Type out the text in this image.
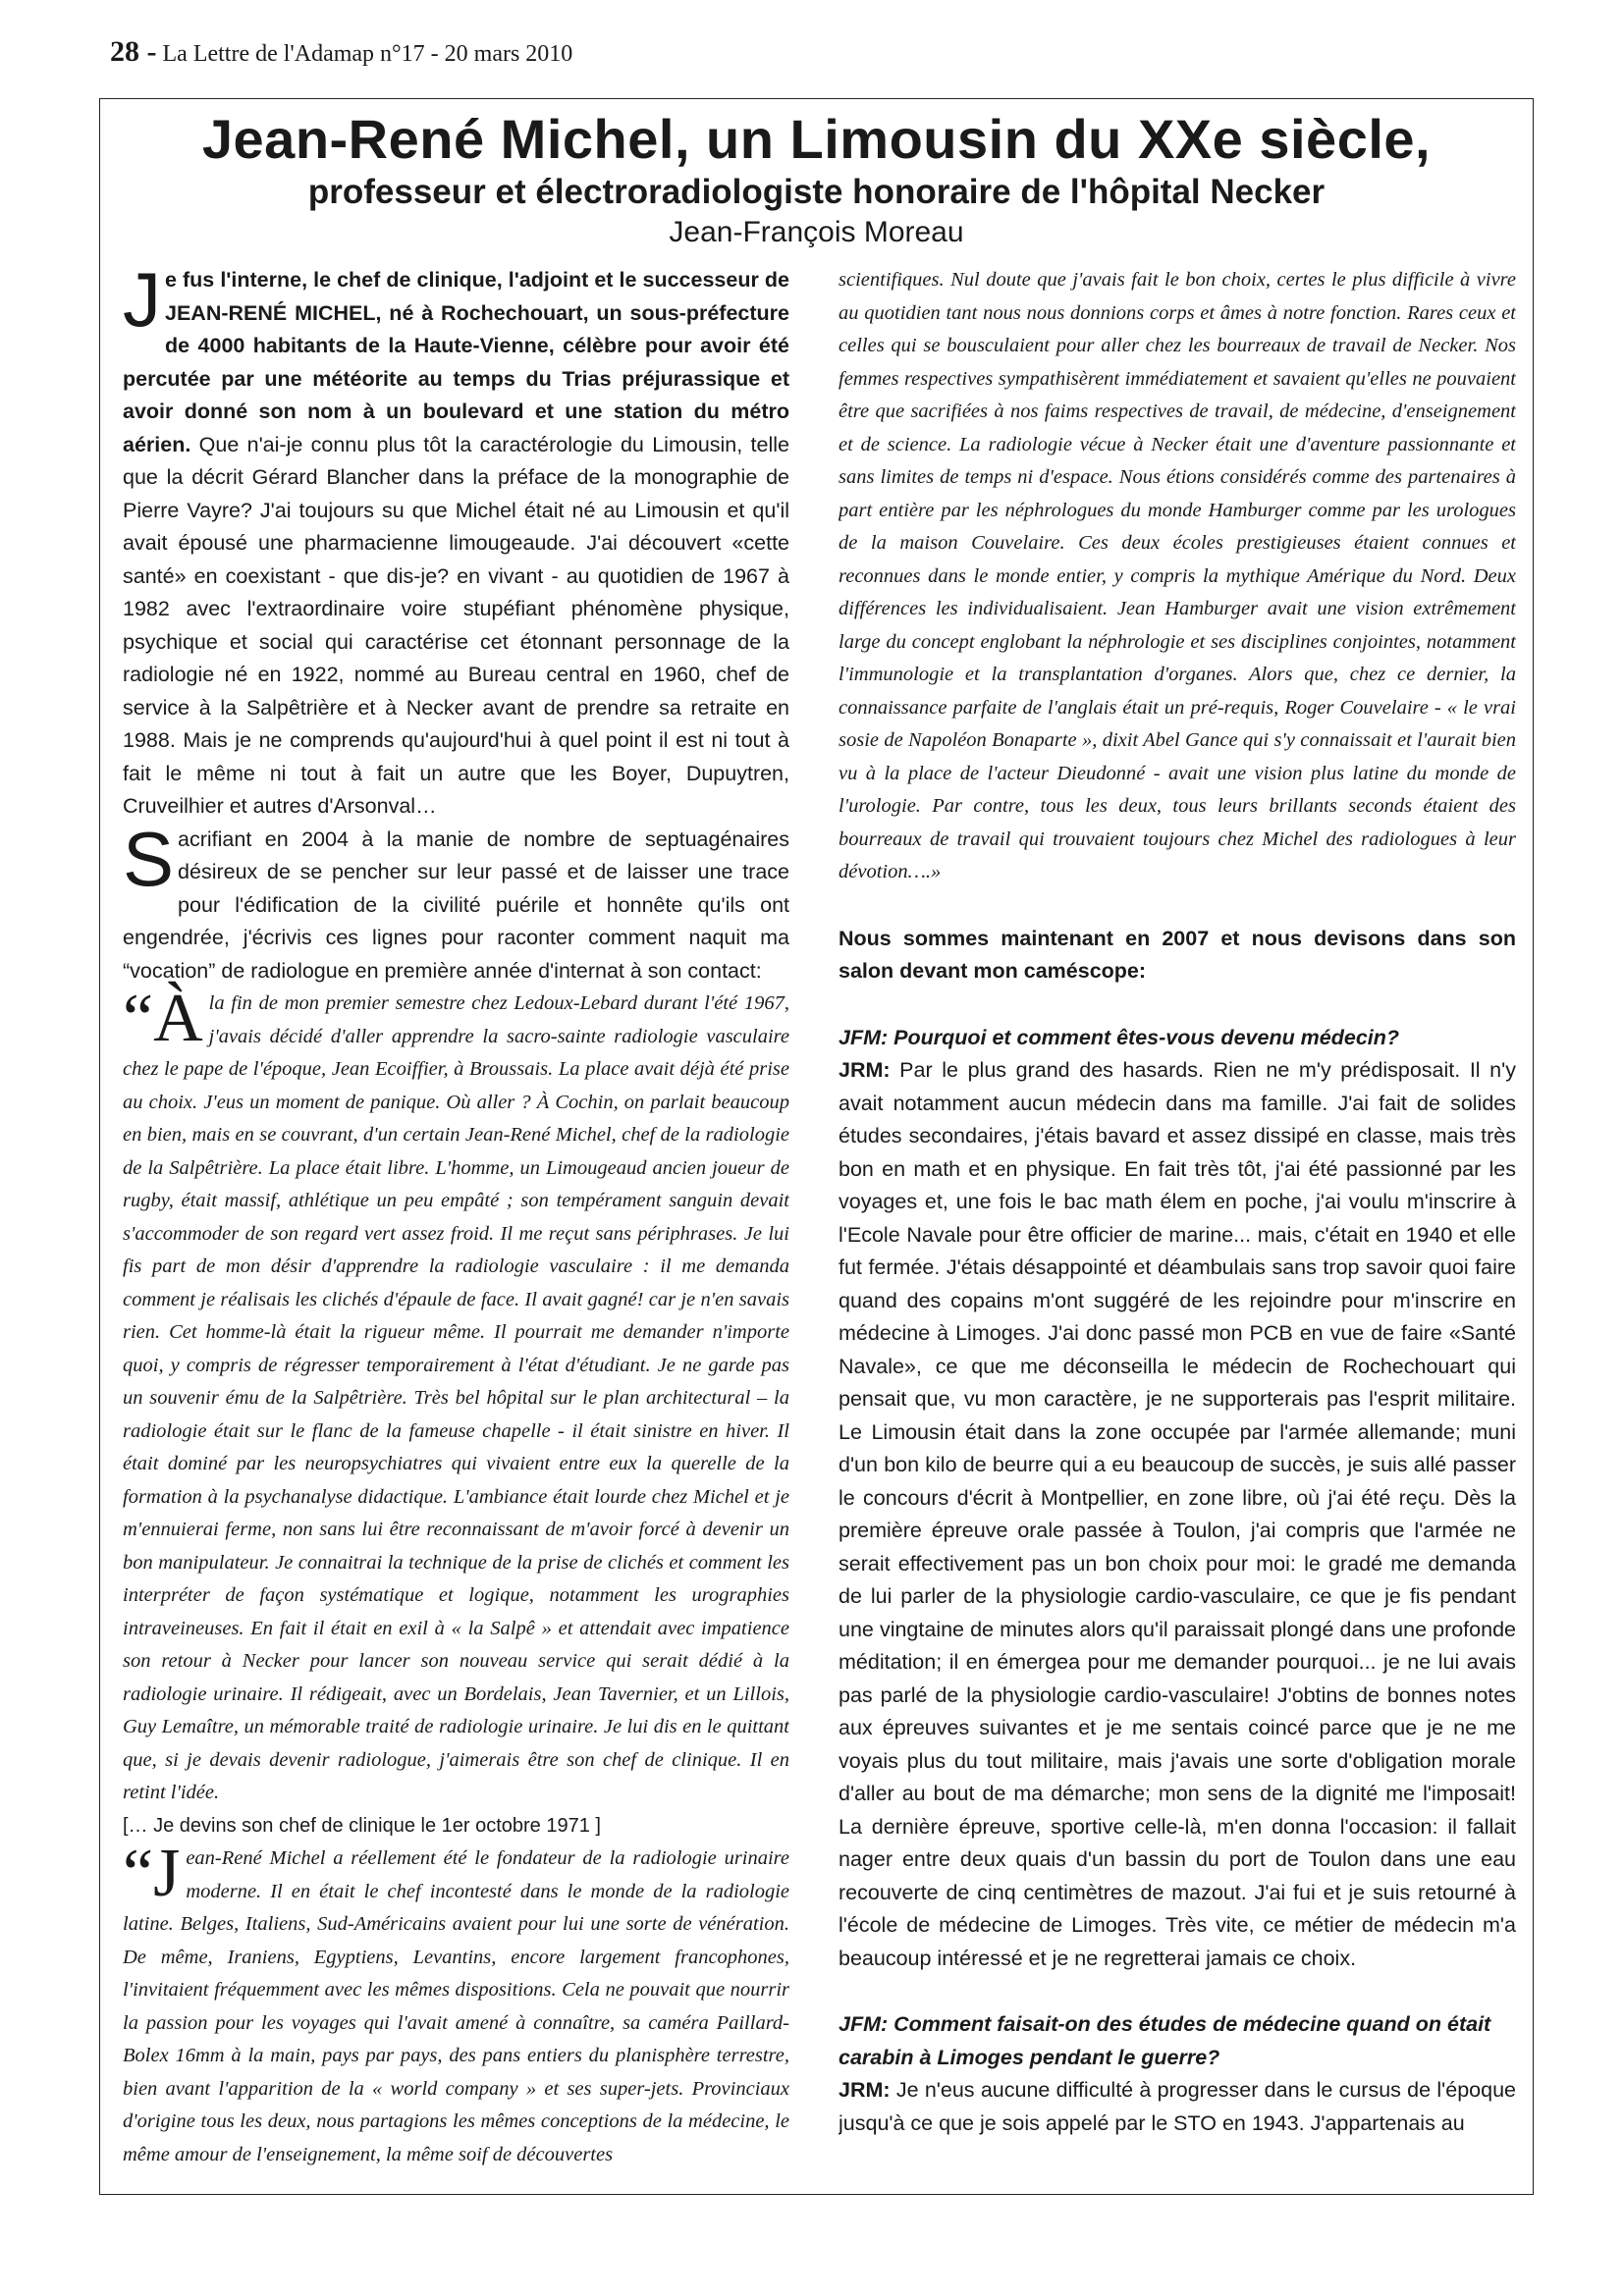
28 - La Lettre de l'Adamap n°17 - 20 mars 2010
Jean-René Michel, un Limousin du XXe siècle,
professeur et électroradiologiste honoraire de l'hôpital Necker
Jean-François Moreau

Je fus l'interne, le chef de clinique, l'adjoint et le successeur de JEAN-RENÉ MICHEL, né à Rochechouart, un sous-préfecture de 4000 habitants de la Haute-Vienne, célèbre pour avoir été percutée par une météorite au temps du Trias préjurassique et avoir donné son nom à un boulevard et une station du métro aérien. Que n'ai-je connu plus tôt la caractérologie du Limousin, telle que la décrit Gérard Blancher dans la préface de la monographie de Pierre Vayre? J'ai toujours su que Michel était né au Limousin et qu'il avait épousé une pharmacienne limougeaude. J'ai découvert «cette santé» en coexistant - que dis-je? en vivant - au quotidien de 1967 à 1982 avec l'extraordinaire voire stupéfiant phénomène physique, psychique et social qui caractérise cet étonnant personnage de la radiologie né en 1922, nommé au Bureau central en 1960, chef de service à la Salpêtrière et à Necker avant de prendre sa retraite en 1988. Mais je ne comprends qu'aujourd'hui à quel point il est ni tout à fait le même ni tout à fait un autre que les Boyer, Dupuytren, Cruveilhier et autres d'Arsonval…

Sacrifiant en 2004 à la manie de nombre de septuagénaires désireux de se pencher sur leur passé et de laisser une trace pour l'édification de la civilité puérile et honnête qu'ils ont engendrée, j'écrivis ces lignes pour raconter comment naquit ma “vocation” de radiologue en première année d'internat à son contact:

“Àla fin de mon premier semestre chez Ledoux-Lebard durant l'été 1967, j'avais décidé d'aller apprendre la sacro-sainte radiologie vasculaire chez le pape de l'époque, Jean Ecoiffier, à Broussais. La place avait déjà été prise au choix. J'eus un moment de panique. Où aller ? À Cochin, on parlait beaucoup en bien, mais en se couvrant, d'un certain Jean-René Michel, chef de la radiologie de la Salpêtrière. La place était libre. L'homme, un Limougeaud ancien joueur de rugby, était massif, athlétique un peu empâté ; son tempérament sanguin devait s'accommoder de son regard vert assez froid. Il me reçut sans périphrases. Je lui fis part de mon désir d'apprendre la radiologie vasculaire : il me demanda comment je réalisais les clichés d'épaule de face. Il avait gagné! car je n'en savais rien. Cet homme-là était la rigueur même. Il pourrait me demander n'importe quoi, y compris de régresser temporairement à l'état d'étudiant. Je ne garde pas un souvenir ému de la Salpêtrière. Très bel hôpital sur le plan architectural – la radiologie était sur le flanc de la fameuse chapelle - il était sinistre en hiver. Il était dominé par les neuropsychiatres qui vivaient entre eux la querelle de la formation à la psychanalyse didactique. L'ambiance était lourde chez Michel et je m'ennuierai ferme, non sans lui être reconnaissant de m'avoir forcé à devenir un bon manipulateur. Je connaitrai la technique de la prise de clichés et comment les interpréter de façon systématique et logique, notamment les urographies intraveineuses. En fait il était en exil à « la Salpê » et attendait avec impatience son retour à Necker pour lancer son nouveau service qui serait dédié à la radiologie urinaire. Il rédigeait, avec un Bordelais, Jean Tavernier, et un Lillois, Guy Lemaître, un mémorable traité de radiologie urinaire. Je lui dis en le quittant que, si je devais devenir radiologue, j'aimerais être son chef de clinique. Il en retint l'idée.

[… Je devins son chef de clinique le 1er octobre 1971 ]

“Jean-René Michel a réellement été le fondateur de la radiologie urinaire moderne. Il en était le chef incontesté dans le monde de la radiologie latine. Belges, Italiens, Sud-Américains avaient pour lui une sorte de vénération. De même, Iraniens, Egyptiens, Levantins, encore largement francophones, l'invitaient fréquemment avec les mêmes dispositions. Cela ne pouvait que nourrir la passion pour les voyages qui l'avait amené à connaître, sa caméra Paillard-Bolex 16mm à la main, pays par pays, des pans entiers du planisphère terrestre, bien avant l'apparition de la « world company » et ses super-jets. Provinciaux d'origine tous les deux, nous partagions les mêmes conceptions de la médecine, le même amour de l'enseignement, la même soif de découvertes

scientifiques. Nul doute que j'avais fait le bon choix, certes le plus difficile à vivre au quotidien tant nous nous donnions corps et âmes à notre fonction. Rares ceux et celles qui se bousculaient pour aller chez les bourreaux de travail de Necker. Nos femmes respectives sympathisèrent immédiatement et savaient qu'elles ne pouvaient être que sacrifiées à nos faims respectives de travail, de médecine, d'enseignement et de science. La radiologie vécue à Necker était une d'aventure passionnante et sans limites de temps ni d'espace. Nous étions considérés comme des partenaires à part entière par les néphrologues du monde Hamburger comme par les urologues de la maison Couvelaire. Ces deux écoles prestigieuses étaient connues et reconnues dans le monde entier, y compris la mythique Amérique du Nord. Deux différences les individualisaient. Jean Hamburger avait une vision extrêmement large du concept englobant la néphrologie et ses disciplines conjointes, notamment l'immunologie et la transplantation d'organes. Alors que, chez ce dernier, la connaissance parfaite de l'anglais était un pré-requis, Roger Couvelaire - « le vrai sosie de Napoléon Bonaparte », dixit Abel Gance qui s'y connaissait et l'aurait bien vu à la place de l'acteur Dieudonné - avait une vision plus latine du monde de l'urologie. Par contre, tous les deux, tous leurs brillants seconds étaient des bourreaux de travail qui trouvaient toujours chez Michel des radiologues à leur dévotion….»

Nous sommes maintenant en 2007 et nous devisons dans son salon devant mon caméscope:

JFM: Pourquoi et comment êtes-vous devenu médecin?

JRM: Par le plus grand des hasards. Rien ne m'y prédisposait. Il n'y avait notamment aucun médecin dans ma famille. J'ai fait de solides études secondaires, j'étais bavard et assez dissipé en classe, mais très bon en math et en physique. En fait très tôt, j'ai été passionné par les voyages et, une fois le bac math élem en poche, j'ai voulu m'inscrire à l'Ecole Navale pour être officier de marine... mais, c'était en 1940 et elle fut fermée. J'étais désappointé et déambulais sans trop savoir quoi faire quand des copains m'ont suggéré de les rejoindre pour m'inscrire en médecine à Limoges. J'ai donc passé mon PCB en vue de faire «Santé Navale», ce que me déconseilla le médecin de Rochechouart qui pensait que, vu mon caractère, je ne supporterais pas l'esprit militaire. Le Limousin était dans la zone occupée par l'armée allemande; muni d'un bon kilo de beurre qui a eu beaucoup de succès, je suis allé passer le concours d'écrit à Montpellier, en zone libre, où j'ai été reçu. Dès la première épreuve orale passée à Toulon, j'ai compris que l'armée ne serait effectivement pas un bon choix pour moi: le gradé me demanda de lui parler de la physiologie cardio-vasculaire, ce que je fis pendant une vingtaine de minutes alors qu'il paraissait plongé dans une profonde méditation; il en émergea pour me demander pourquoi... je ne lui avais pas parlé de la physiologie cardio-vasculaire! J'obtins de bonnes notes aux épreuves suivantes et je me sentais coincé parce que je ne me voyais plus du tout militaire, mais j'avais une sorte d'obligation morale d'aller au bout de ma démarche; mon sens de la dignité me l'imposait! La dernière épreuve, sportive celle-là, m'en donna l'occasion: il fallait nager entre deux quais d'un bassin du port de Toulon dans une eau recouverte de cinq centimètres de mazout. J'ai fui et je suis retourné à l'école de médecine de Limoges. Très vite, ce métier de médecin m'a beaucoup intéressé et je ne regretterai jamais ce choix.

JFM: Comment faisait-on des études de médecine quand on était carabin à Limoges pendant le guerre?

JRM: Je n'eus aucune difficulté à progresser dans le cursus de l'époque jusqu'à ce que je sois appelé par le STO en 1943. J'appartenais au
